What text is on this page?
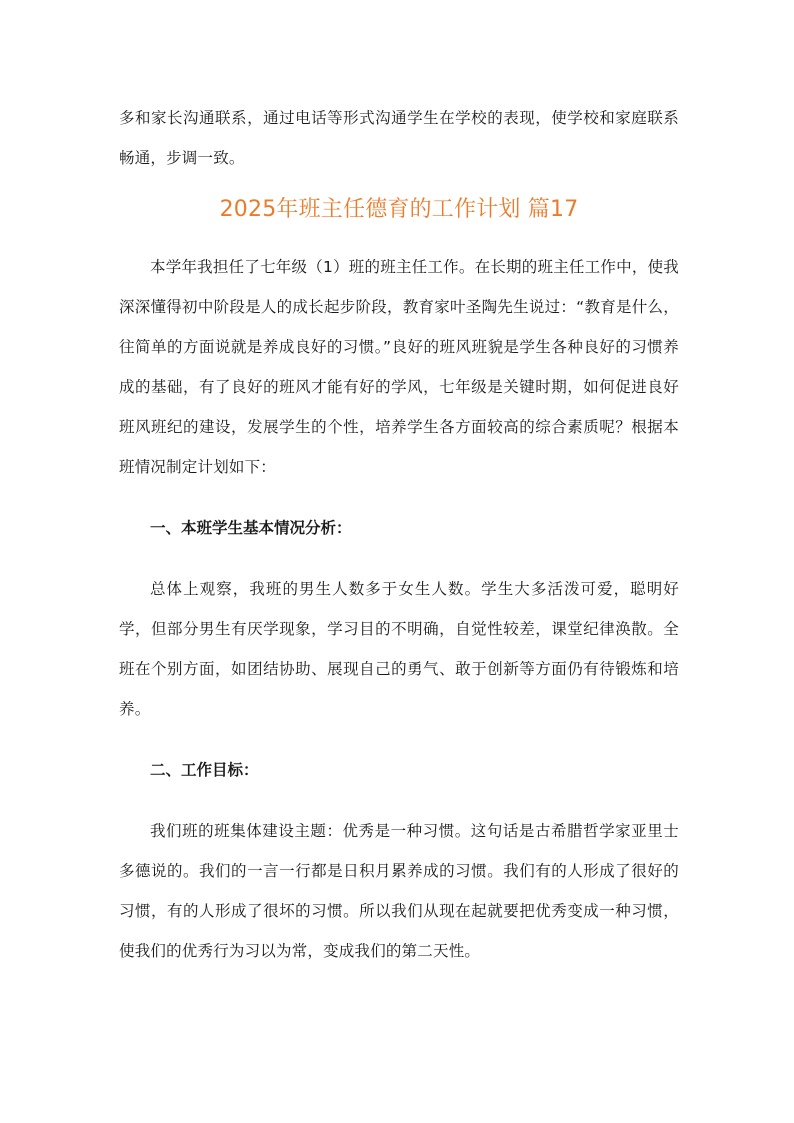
多和家长沟通联系，通过电话等形式沟通学生在学校的表现，使学校和家庭联系畅通，步调一致。

2025年班主任德育的工作计划 篇17

本学年我担任了七年级（1）班的班主任工作。在长期的班主任工作中，使我深深懂得初中阶段是人的成长起步阶段，教育家叶圣陶先生说过：“教育是什么，往简单的方面说就是养成良好的习惯。”良好的班风班貌是学生各种良好的习惯养成的基础，有了良好的班风才能有好的学风，七年级是关键时期，如何促进良好班风班纪的建设，发展学生的个性，培养学生各方面较高的综合素质呢？根据本班情况制定计划如下：

一、本班学生基本情况分析：

总体上观察，我班的男生人数多于女生人数。学生大多活泼可爱，聪明好学，但部分男生有厌学现象，学习目的不明确，自觉性较差，课堂纪律涣散。全班在个别方面，如团结协助、展现自己的勇气、敢于创新等方面仍有待锻炼和培养。

二、工作目标：

我们班的班集体建设主题：优秀是一种习惯。这句话是古希腊哲学家亚里士多德说的。我们的一言一行都是日积月累养成的习惯。我们有的人形成了很好的习惯，有的人形成了很坏的习惯。所以我们从现在起就要把优秀变成一种习惯，使我们的优秀行为习以为常，变成我们的第二天性。
